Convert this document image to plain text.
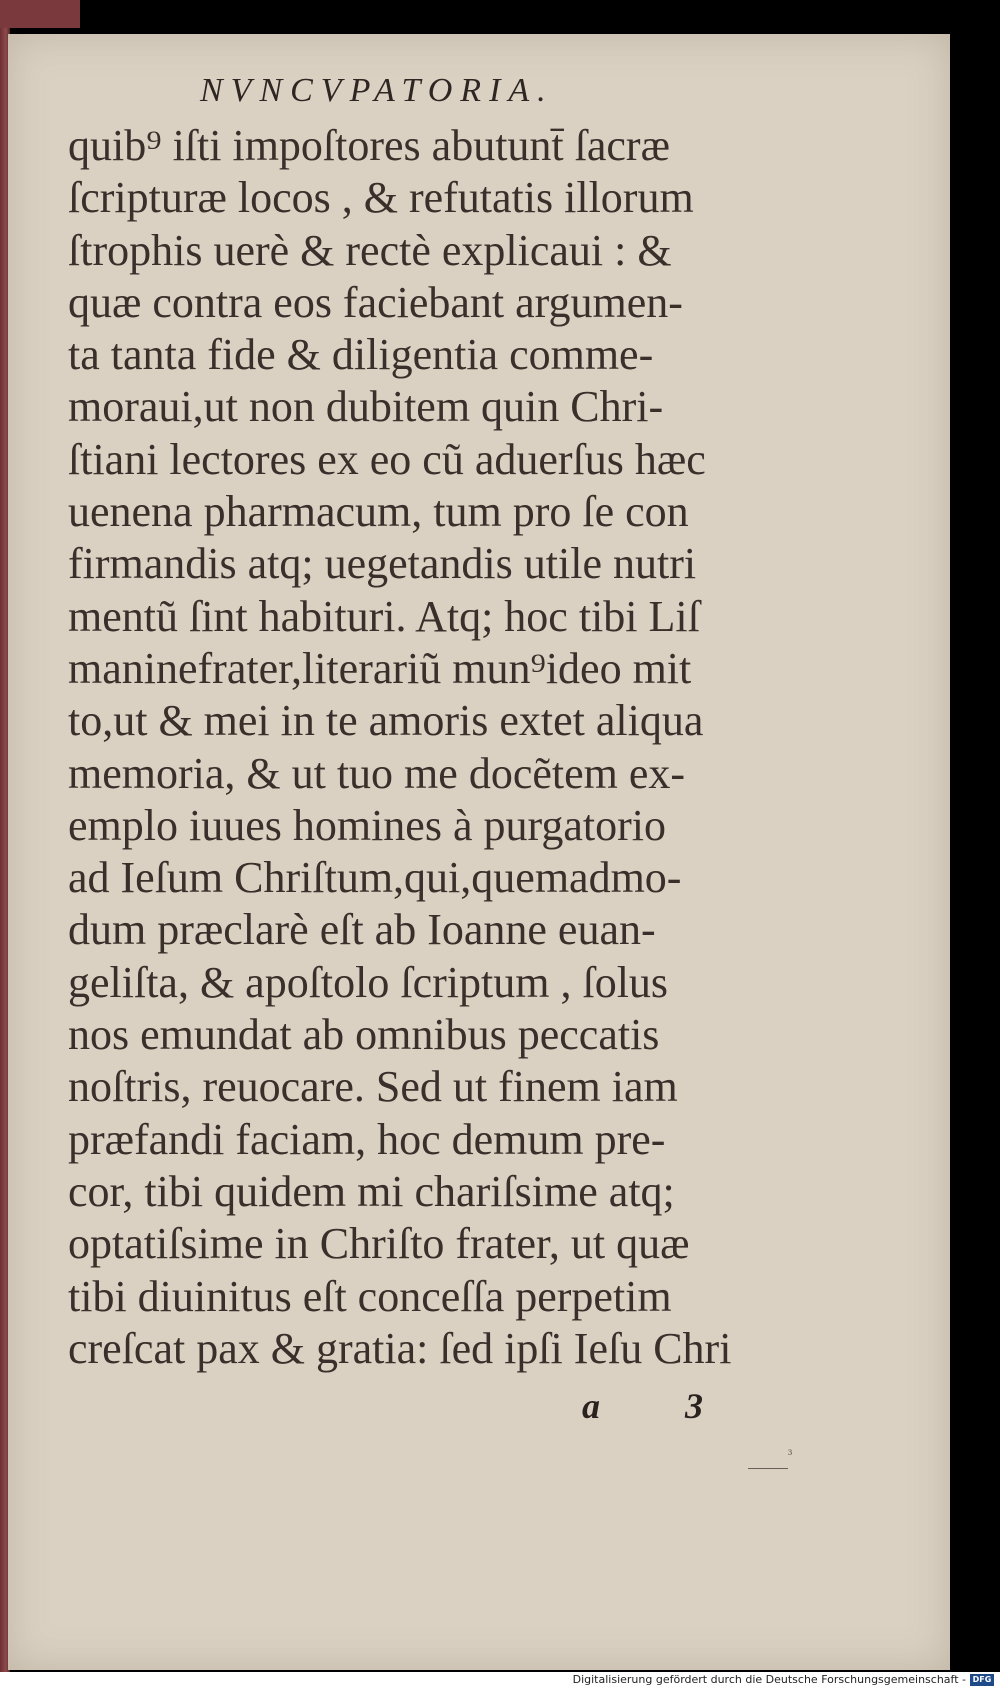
NVNCVPATORIA.
quib⁹ iſti impoſtores abutunt̄ ſacræ
ſcripturæ locos , & refutatis illorum
ſtrophis uerè & rectè explicaui : &
quæ contra eos faciebant argumen-
ta tanta fide & diligentia comme-
moraui,ut non dubitem quin Chri-
ſtiani lectores ex eo cũ aduerſus hæc
uenena pharmacum, tum pro ſe con
firmandis atq; uegetandis utile nutri
mentũ ſint habituri. Atq; hoc tibi Liſ
maninefrater,literariũ mun⁹ideo mit
to,ut & mei in te amoris extet aliqua
memoria, & ut tuo me docẽtem ex-
emplo iuues homines à purgatorio
ad Ieſum Chriſtum,qui,quemadmo-
dum præclarè eſt ab Ioanne euan-
geliſta, & apoſtolo ſcriptum , ſolus
nos emundat ab omnibus peccatis
noſtris, reuocare. Sed ut finem iam
præfandi faciam, hoc demum pre-
cor, tibi quidem mi chariſsime atq;
optatiſsime in Chriſto frater, ut quæ
tibi diuinitus eſt conceſſa perpetim
creſcat pax & gratia: ſed ipſi Ieſu Chri
a 3
³
Digitalisierung gefördert durch die Deutsche Forschungsgemeinschaft - DFG
